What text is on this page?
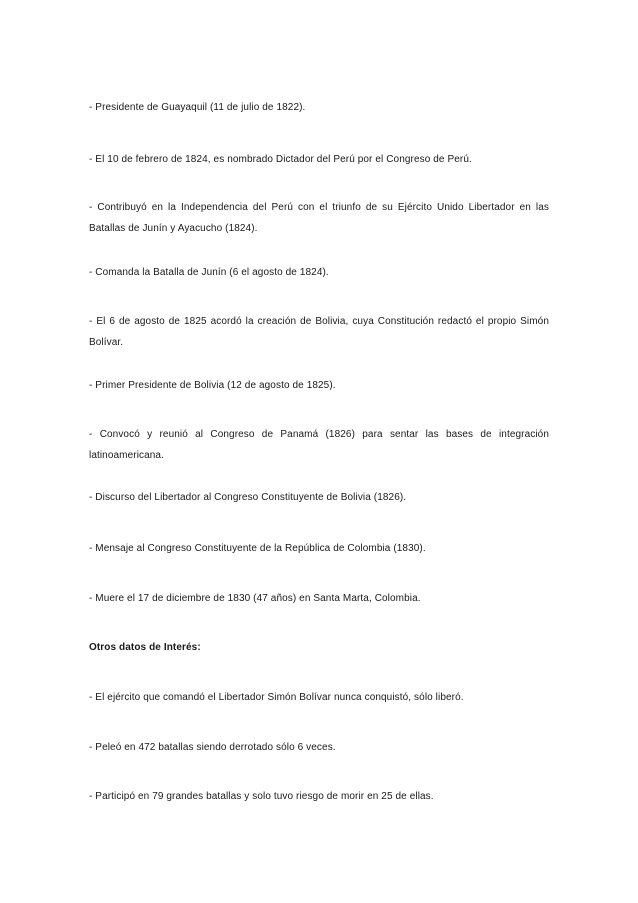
- Presidente de Guayaquil (11 de julio de 1822).

- El 10 de febrero de 1824, es nombrado Dictador del Perú por el Congreso de Perú.

- Contribuyó en la Independencia del Perú con el triunfo de su Ejército Unido Libertador en las Batallas de Junín y Ayacucho (1824).

- Comanda la Batalla de Junín (6 el agosto de 1824).

- El 6 de agosto de 1825 acordó la creación de Bolivia, cuya Constitución redactó el propio Simón Bolívar.

- Primer Presidente de Bolivia (12 de agosto de 1825).

- Convocó y reunió al Congreso de Panamá (1826) para sentar las bases de integración latinoamericana.

- Discurso del Libertador al Congreso Constituyente de Bolivia (1826).

- Mensaje al Congreso Constituyente de la República de Colombia (1830).

- Muere el 17 de diciembre de 1830 (47 años) en Santa Marta, Colombia.

Otros datos de Interés:

- El ejército que comandó el Libertador Simón Bolívar nunca conquistó, sólo liberó.

- Peleó en 472 batallas siendo derrotado sólo 6 veces.

- Participó en 79 grandes batallas y solo tuvo riesgo de morir en 25 de ellas.
